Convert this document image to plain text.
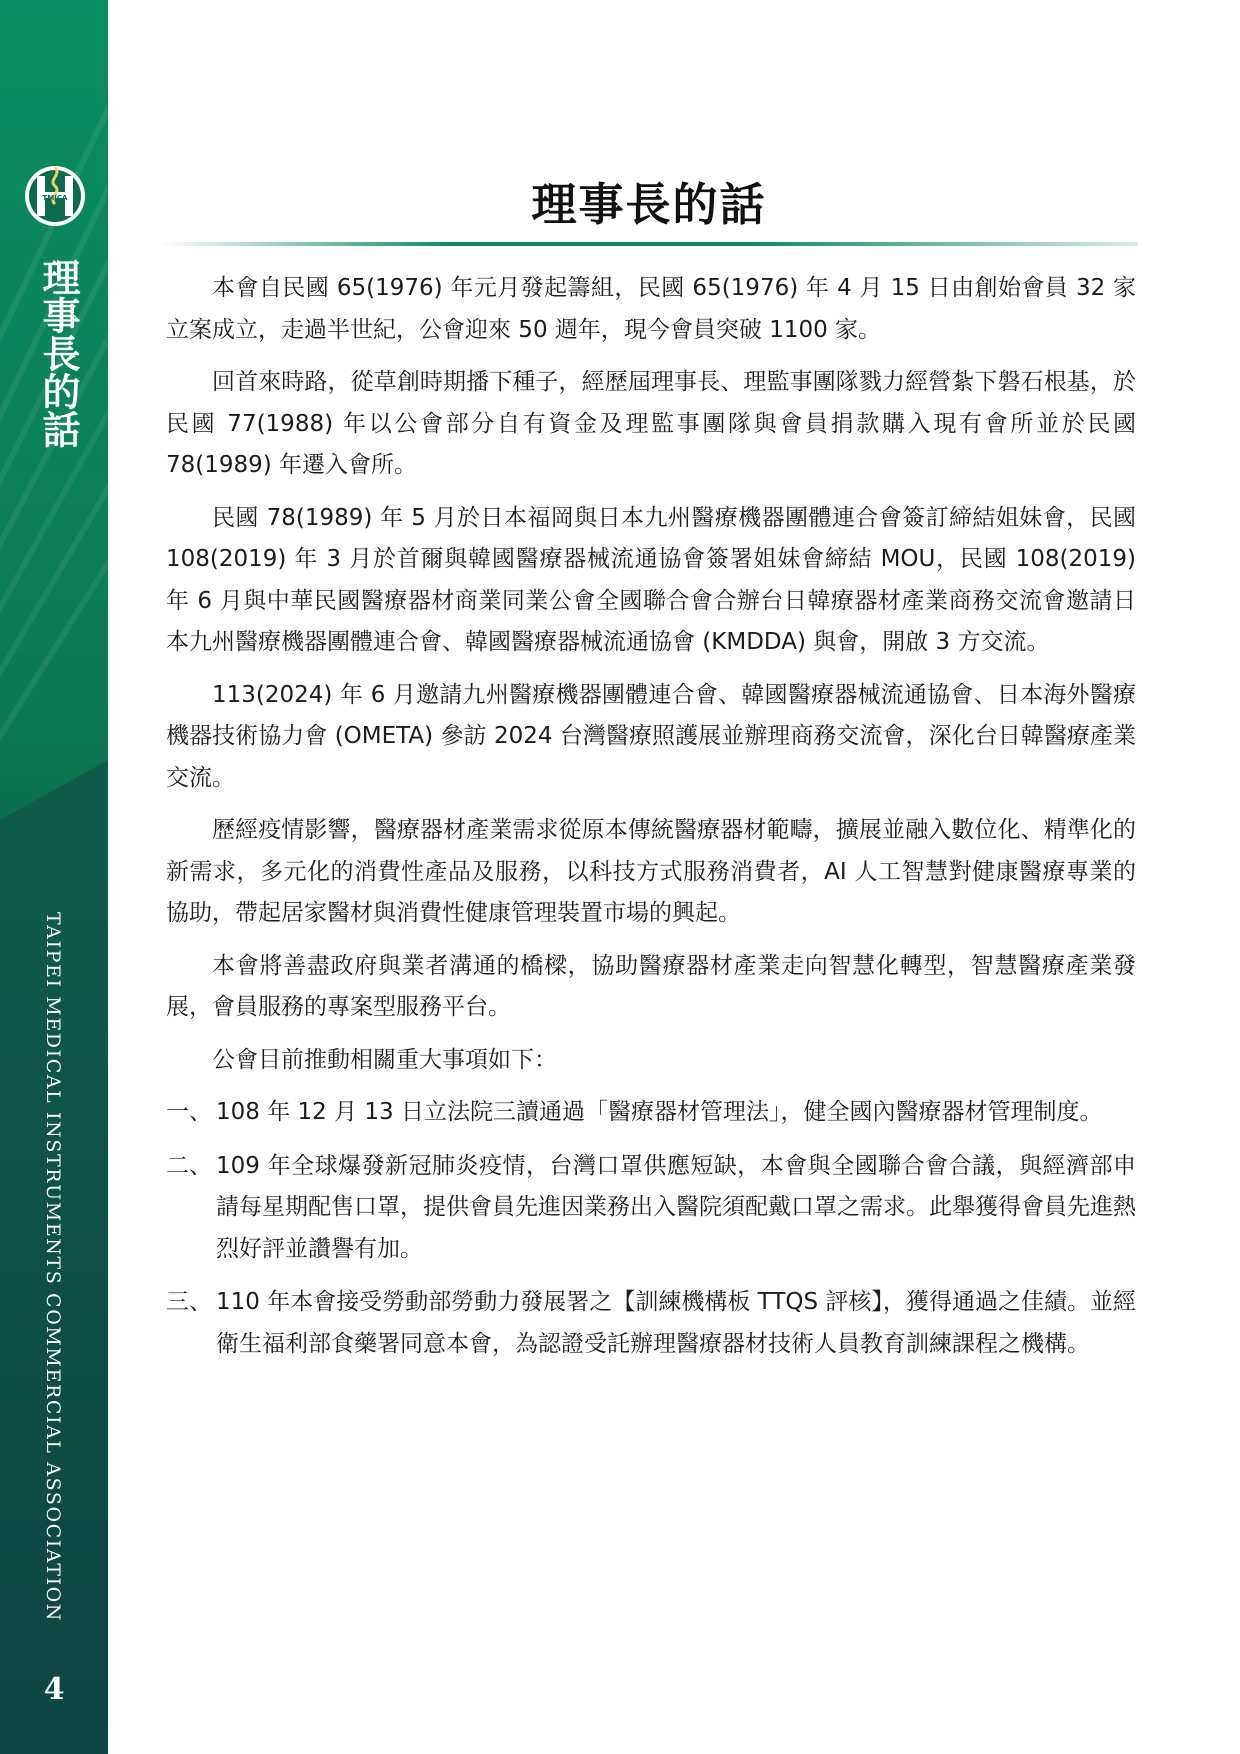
TMICA
理事長的話
TAIPEI MEDICAL INSTRUMENTS COMMERCIAL ASSOCIATION
4
理事長的話

本會自民國 65(1976) 年元月發起籌組，民國 65(1976) 年 4 月 15 日由創始會員 32 家立案成立，走過半世紀，公會迎來 50 週年，現今會員突破 1100 家。

回首來時路，從草創時期播下種子，經歷屆理事長、理監事團隊戮力經營紮下磐石根基，於民國 77(1988) 年以公會部分自有資金及理監事團隊與會員捐款購入現有會所並於民國 78(1989) 年遷入會所。

民國 78(1989) 年 5 月於日本福岡與日本九州醫療機器團體連合會簽訂締結姐妹會，民國 108(2019) 年 3 月於首爾與韓國醫療器械流通協會簽署姐妹會締結 MOU，民國 108(2019) 年 6 月與中華民國醫療器材商業同業公會全國聯合會合辦台日韓療器材產業商務交流會邀請日本九州醫療機器團體連合會、韓國醫療器械流通協會 (KMDDA) 與會，開啟 3 方交流。

113(2024) 年 6 月邀請九州醫療機器團體連合會、韓國醫療器械流通協會、日本海外醫療機器技術協力會 (OMETA) 參訪 2024 台灣醫療照護展並辦理商務交流會，深化台日韓醫療產業交流。

歷經疫情影響，醫療器材產業需求從原本傳統醫療器材範疇，擴展並融入數位化、精準化的新需求，多元化的消費性產品及服務，以科技方式服務消費者，AI 人工智慧對健康醫療專業的協助，帶起居家醫材與消費性健康管理裝置市場的興起。

本會將善盡政府與業者溝通的橋樑，協助醫療器材產業走向智慧化轉型，智慧醫療產業發展，會員服務的專案型服務平台。

公會目前推動相關重大事項如下：

一、 108 年 12 月 13 日立法院三讀通過「醫療器材管理法」，健全國內醫療器材管理制度。
二、 109 年全球爆發新冠肺炎疫情，台灣口罩供應短缺，本會與全國聯合會合議，與經濟部申請每星期配售口罩，提供會員先進因業務出入醫院須配戴口罩之需求。此舉獲得會員先進熱烈好評並讚譽有加。
三、 110 年本會接受勞動部勞動力發展署之【訓練機構板 TTQS 評核】，獲得通過之佳績。並經衛生福利部食藥署同意本會，為認證受託辦理醫療器材技術人員教育訓練課程之機構。
